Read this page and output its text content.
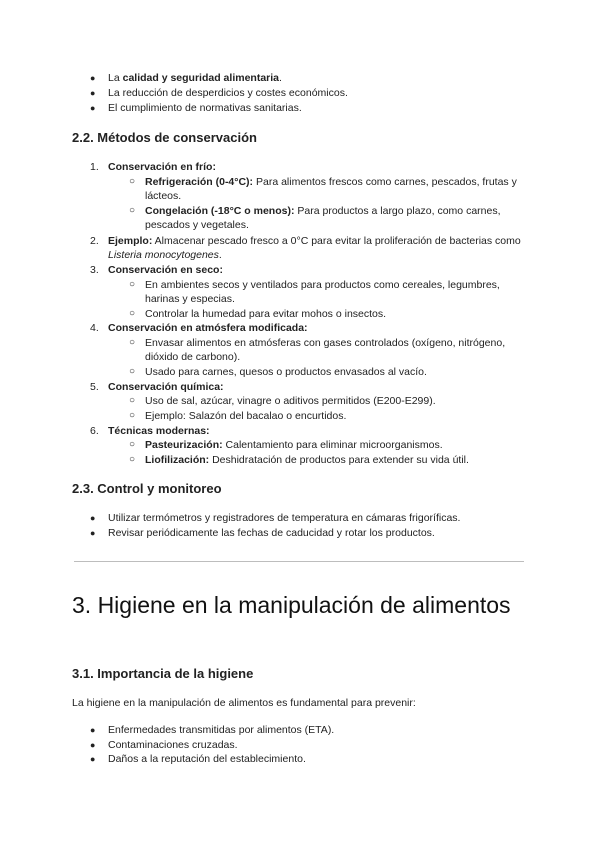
● La calidad y seguridad alimentaria.
● La reducción de desperdicios y costes económicos.
● El cumplimiento de normativas sanitarias.
2.2. Métodos de conservación
1. Conservación en frío:
○ Refrigeración (0-4°C): Para alimentos frescos como carnes, pescados, frutas y lácteos.
○ Congelación (-18°C o menos): Para productos a largo plazo, como carnes, pescados y vegetales.
2. Ejemplo: Almacenar pescado fresco a 0°C para evitar la proliferación de bacterias como Listeria monocytogenes.
3. Conservación en seco:
○ En ambientes secos y ventilados para productos como cereales, legumbres, harinas y especias.
○ Controlar la humedad para evitar mohos o insectos.
4. Conservación en atmósfera modificada:
○ Envasar alimentos en atmósferas con gases controlados (oxígeno, nitrógeno, dióxido de carbono).
○ Usado para carnes, quesos o productos envasados al vacío.
5. Conservación química:
○ Uso de sal, azúcar, vinagre o aditivos permitidos (E200-E299).
○ Ejemplo: Salazón del bacalao o encurtidos.
6. Técnicas modernas:
○ Pasteurización: Calentamiento para eliminar microorganismos.
○ Liofilización: Deshidratación de productos para extender su vida útil.
2.3. Control y monitoreo
● Utilizar termómetros y registradores de temperatura en cámaras frigoríficas.
● Revisar periódicamente las fechas de caducidad y rotar los productos.
3. Higiene en la manipulación de alimentos
3.1. Importancia de la higiene
La higiene en la manipulación de alimentos es fundamental para prevenir:
● Enfermedades transmitidas por alimentos (ETA).
● Contaminaciones cruzadas.
● Daños a la reputación del establecimiento.
